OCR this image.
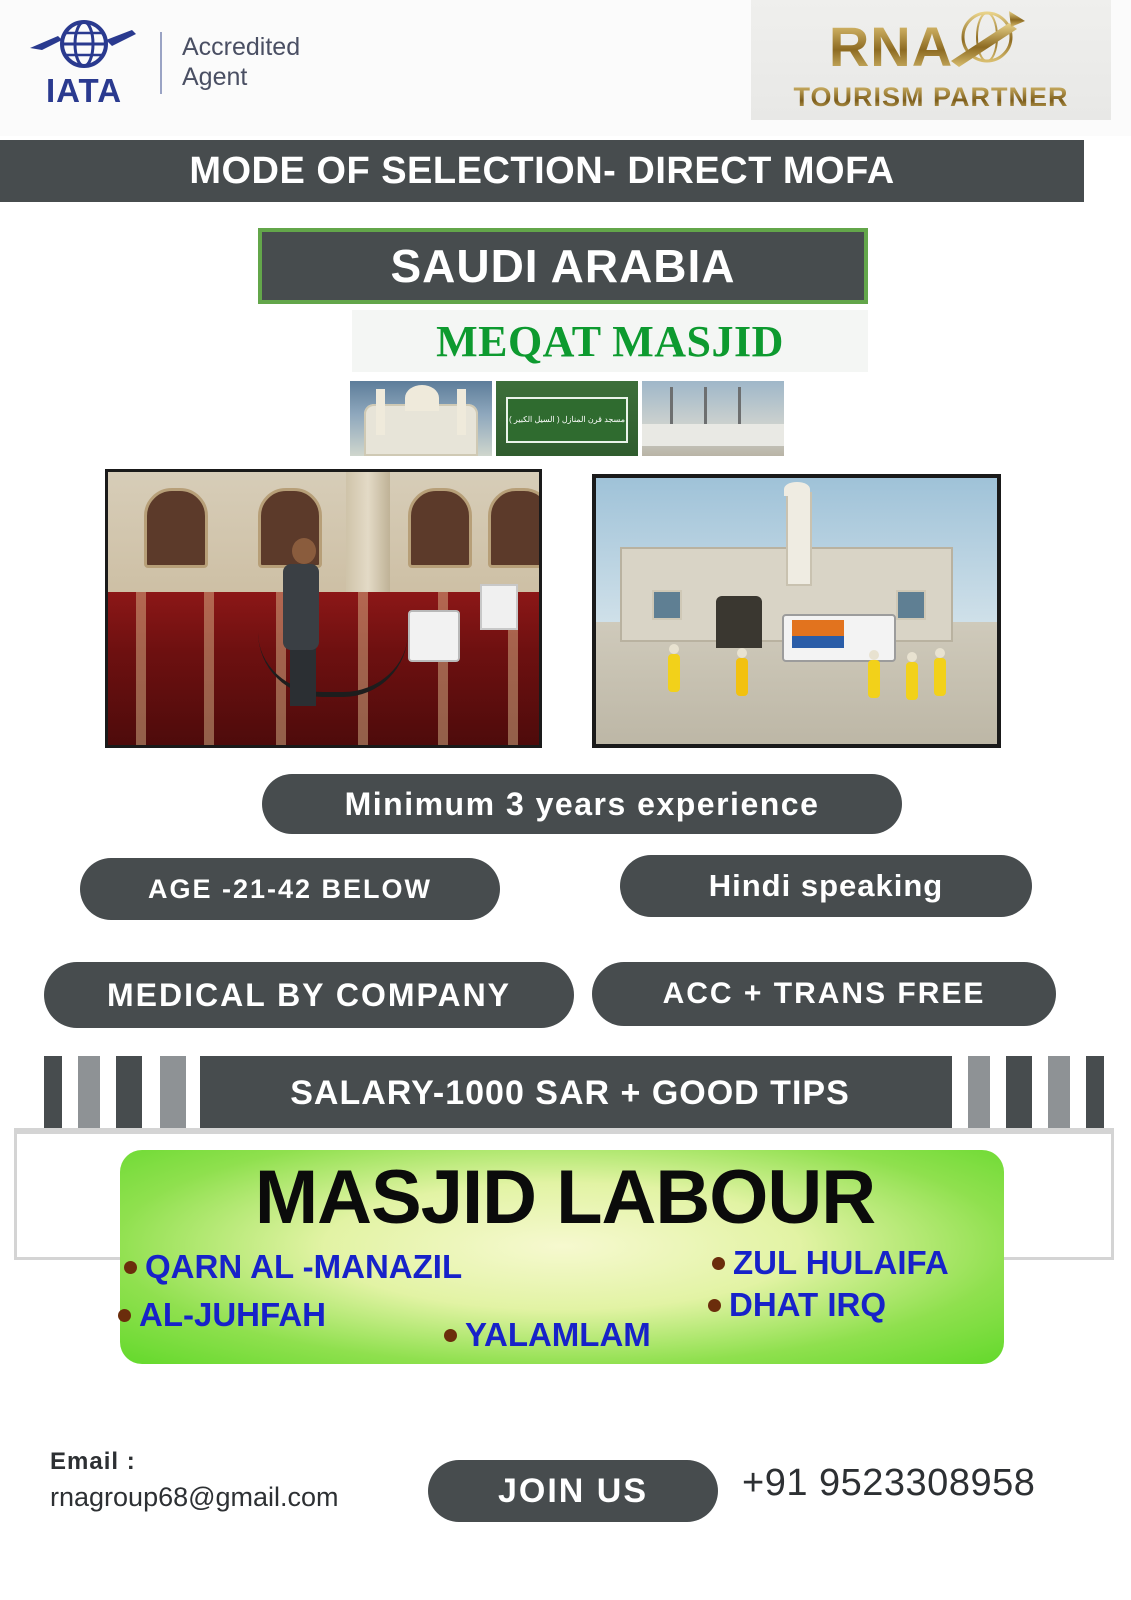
IATA
Accredited
Agent	RNA
TOURISM PARTNER
MODE OF SELECTION- DIRECT MOFA
SAUDI ARABIA
MEQAT MASJID
مسجد قرن المنازل ( السيل الكبير )
Minimum 3 years experience
AGE -21-42 BELOW	Hindi speaking
MEDICAL BY COMPANY	ACC + TRANS FREE
SALARY-1000 SAR + GOOD TIPS
MASJID LABOUR
QARN AL -MANAZIL	ZUL HULAIFA
AL-JUHFAH	DHAT IRQ
YALAMLAM
Email :
rnagroup68@gmail.com	JOIN US +91 9523308958
